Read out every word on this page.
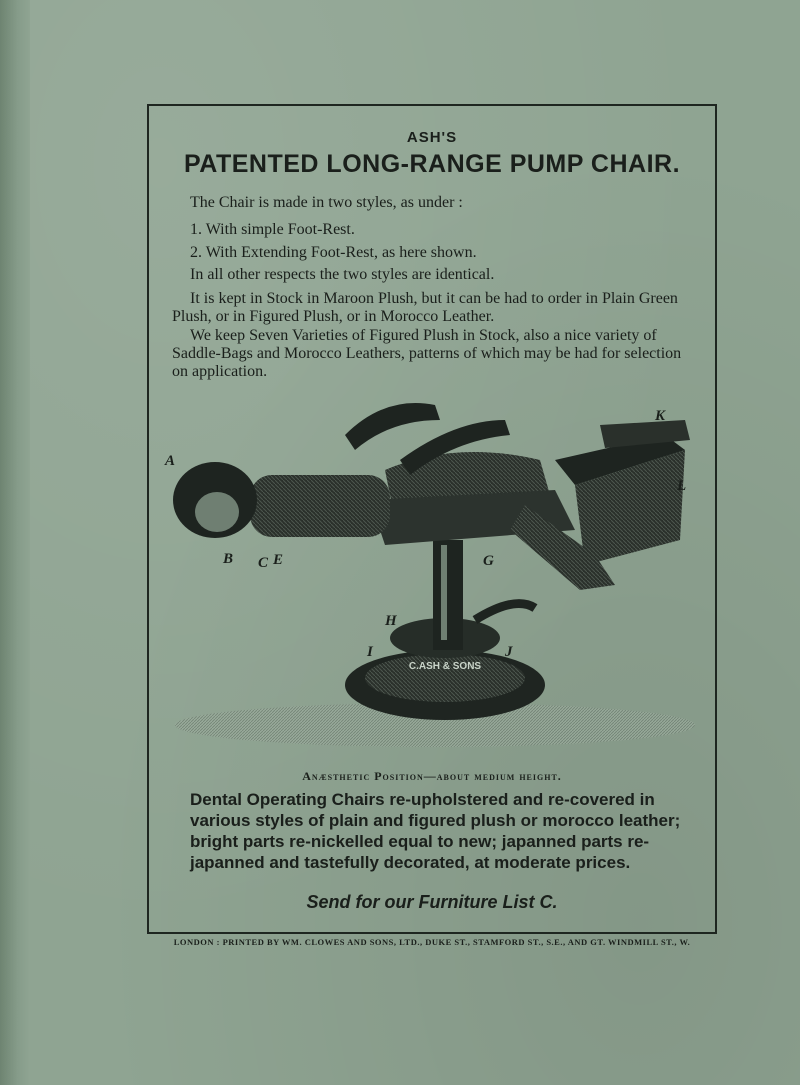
ASH'S
PATENTED LONG-RANGE PUMP CHAIR.
The Chair is made in two styles, as under :
1. With simple Foot-Rest.
2. With Extending Foot-Rest, as here shown.
In all other respects the two styles are identical.
It is kept in Stock in Maroon Plush, but it can be had to order in Plain Green Plush, or in Figured Plush, or in Morocco Leather.
We keep Seven Varieties of Figured Plush in Stock, also a nice variety of Saddle-Bags and Morocco Leathers, patterns of which may be had for selection on application.
C.ASH & SONS
A
B C E	G
H
I	J
K
L
Anæsthetic Position—about medium height.
Dental Operating Chairs re-upholstered and re-covered in various styles of plain and figured plush or morocco leather; bright parts re-nickelled equal to new; japanned parts re-japanned and tastefully decorated, at moderate prices.
Send for our Furniture List C.
LONDON : PRINTED BY WM. CLOWES AND SONS, LTD., DUKE ST., STAMFORD ST., S.E., AND GT. WINDMILL ST., W.
